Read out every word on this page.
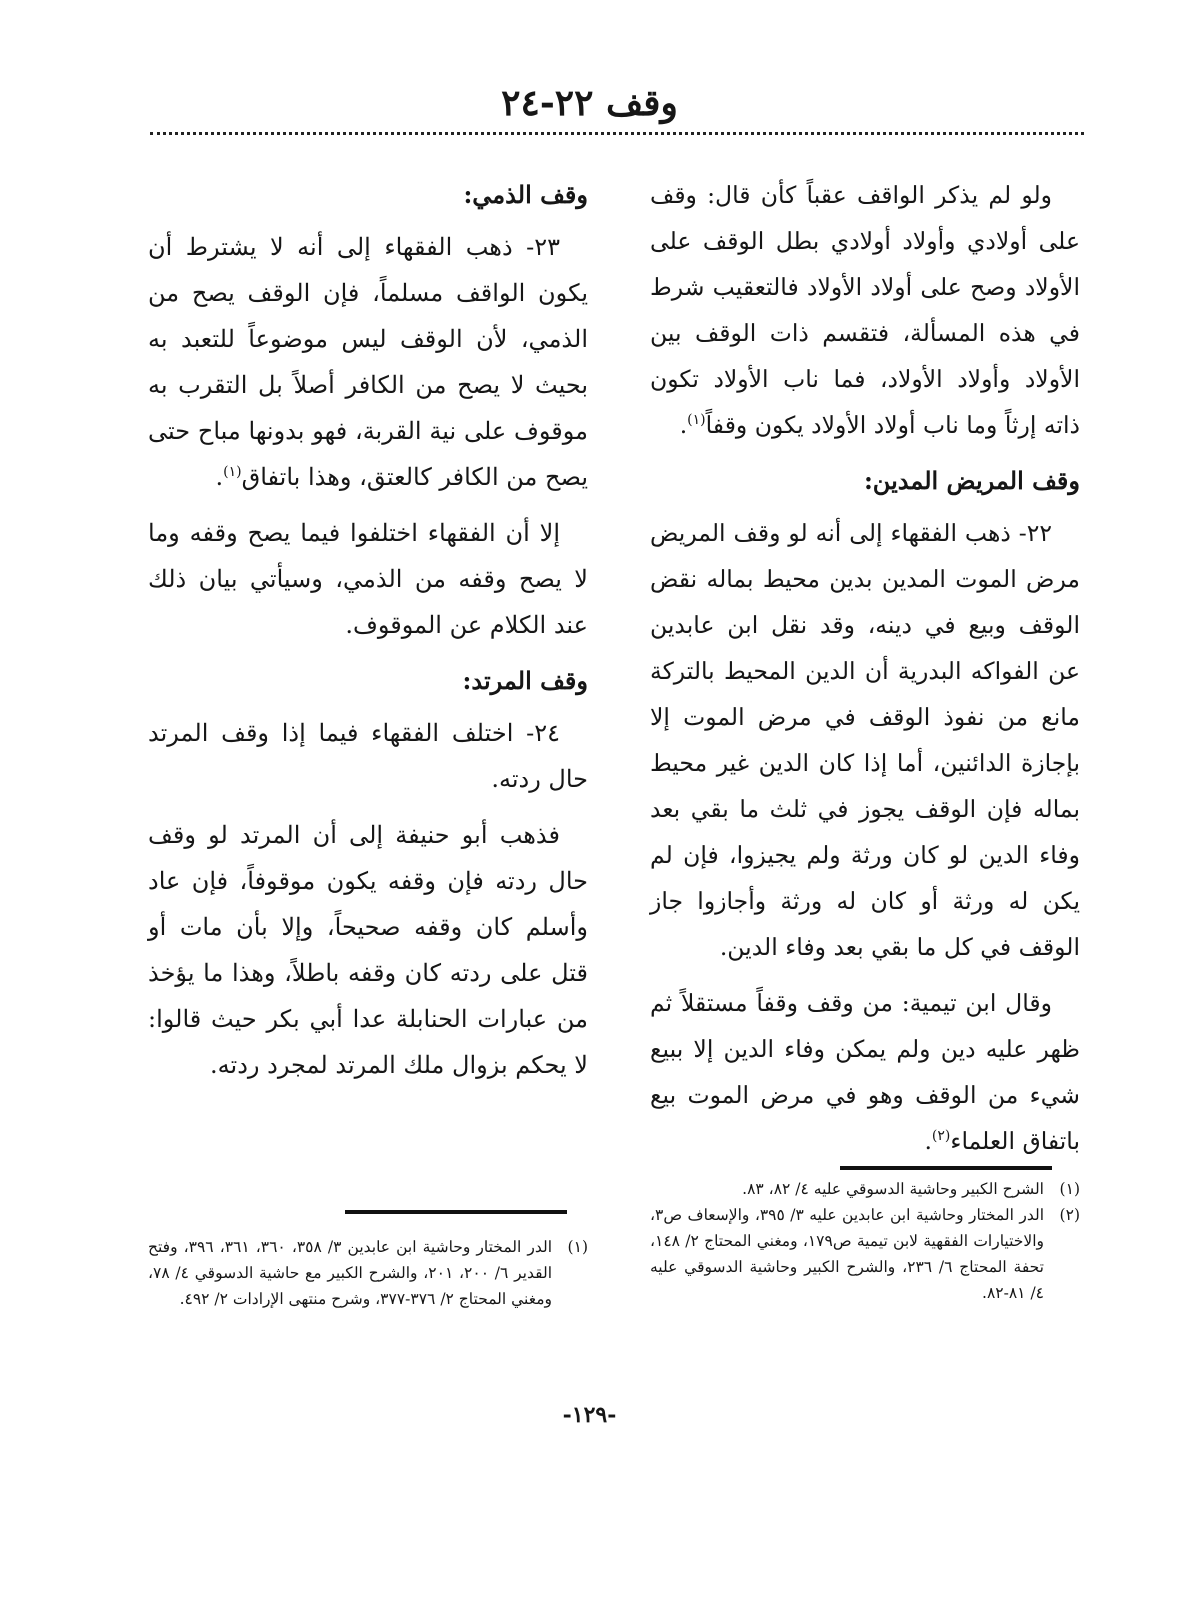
وقف ٢٢-٢٤

ولو لم يذكر الواقف عقباً كأن قال: وقف على أولادي وأولاد أولادي بطل الوقف على الأولاد وصح على أولاد الأولاد فالتعقيب شرط في هذه المسألة، فتقسم ذات الوقف بين الأولاد وأولاد الأولاد، فما ناب الأولاد تكون ذاته إرثاً وما ناب أولاد الأولاد يكون وقفاً$^{(١)}$.

وقف المريض المدين:

٢٢- ذهب الفقهاء إلى أنه لو وقف المريض مرض الموت المدين بدين محيط بماله نقض الوقف وبيع في دينه، وقد نقل ابن عابدين عن الفواكه البدرية أن الدين المحيط بالتركة مانع من نفوذ الوقف في مرض الموت إلا بإجازة الدائنين، أما إذا كان الدين غير محيط بماله فإن الوقف يجوز في ثلث ما بقي بعد وفاء الدين لو كان ورثة ولم يجيزوا، فإن لم يكن له ورثة أو كان له ورثة وأجازوا جاز الوقف في كل ما بقي بعد وفاء الدين.

وقال ابن تيمية: من وقف وقفاً مستقلاً ثم ظهر عليه دين ولم يمكن وفاء الدين إلا ببيع شيء من الوقف وهو في مرض الموت بيع باتفاق العلماء$^{(٢)}$.

وقف الذمي:

٢٣- ذهب الفقهاء إلى أنه لا يشترط أن يكون الواقف مسلماً، فإن الوقف يصح من الذمي، لأن الوقف ليس موضوعاً للتعبد به بحيث لا يصح من الكافر أصلاً بل التقرب به موقوف على نية القربة، فهو بدونها مباح حتى يصح من الكافر كالعتق، وهذا باتفاق$^{(١)}$.

إلا أن الفقهاء اختلفوا فيما يصح وقفه وما لا يصح وقفه من الذمي، وسيأتي بيان ذلك عند الكلام عن الموقوف.

وقف المرتد:

٢٤- اختلف الفقهاء فيما إذا وقف المرتد حال ردته.

فذهب أبو حنيفة إلى أن المرتد لو وقف حال ردته فإن وقفه يكون موقوفاً، فإن عاد وأسلم كان وقفه صحيحاً، وإلا بأن مات أو قتل على ردته كان وقفه باطلاً، وهذا ما يؤخذ من عبارات الحنابلة عدا أبي بكر حيث قالوا: لا يحكم بزوال ملك المرتد لمجرد ردته.

(١)
الشرح الكبير وحاشية الدسوقي عليه ٤/ ٨٢، ٨٣.
(٢)
الدر المختار وحاشية ابن عابدين عليه ٣/ ٣٩٥، والإسعاف ص٣، والاختيارات الفقهية لابن تيمية ص١٧٩، ومغني المحتاج ٢/ ١٤٨، تحفة المحتاج ٦/ ٢٣٦، والشرح الكبير وحاشية الدسوقي عليه ٤/ ٨١-٨٢.
(١)
الدر المختار وحاشية ابن عابدين ٣/ ٣٥٨، ٣٦٠، ٣٦١، ٣٩٦، وفتح القدير ٦/ ٢٠٠، ٢٠١، والشرح الكبير مع حاشية الدسوقي ٤/ ٧٨، ومغني المحتاج ٢/ ٣٧٦-٣٧٧، وشرح منتهى الإرادات ٢/ ٤٩٢.
-١٢٩-
